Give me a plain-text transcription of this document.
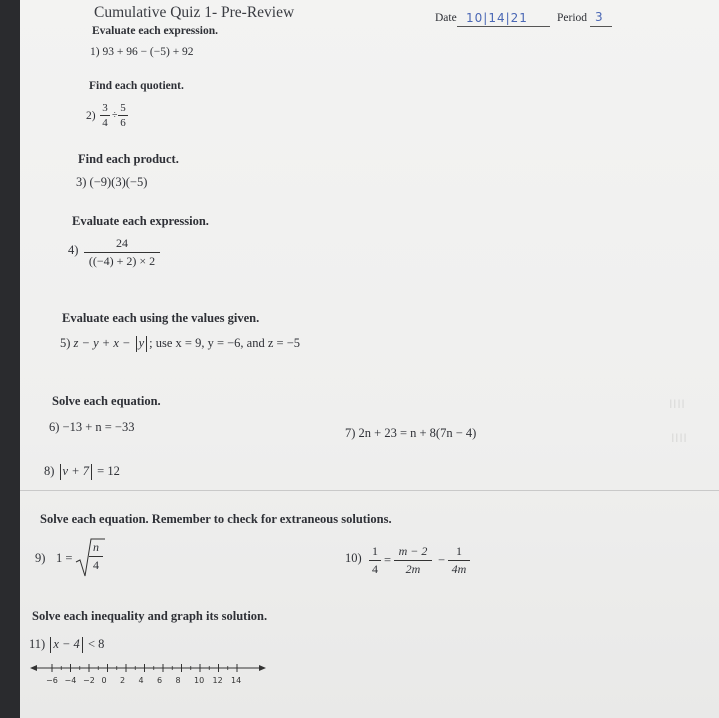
Cumulative Quiz 1- Pre-Review	Date 10|14|21	Period 3
Evaluate each expression.
1) 93 + 96 − (−5) + 92
Find each quotient.
2)
3
4
÷
5
6
Find each product.
3) (−9)(3)(−5)
Evaluate each expression.
4)	24
((−4) + 2) × 2
Evaluate each using the values given.
5) z − y + x − y ; use x = 9, y = −6, and z = −5
Solve each equation.
6) −13 + n = −33	7) 2n + 23 = n + 8(7n − 4)
8) v + 7 = 12
Solve each equation. Remember to check for extraneous solutions.
9) 1 =
n
4	10) 1
4
=
m − 2
2m
−
1
4m
Solve each inequality and graph its solution.
11) x − 4 < 8
−6 −4 −2 0 2 4 6 8 10 12 14
| | | |
| | | |
